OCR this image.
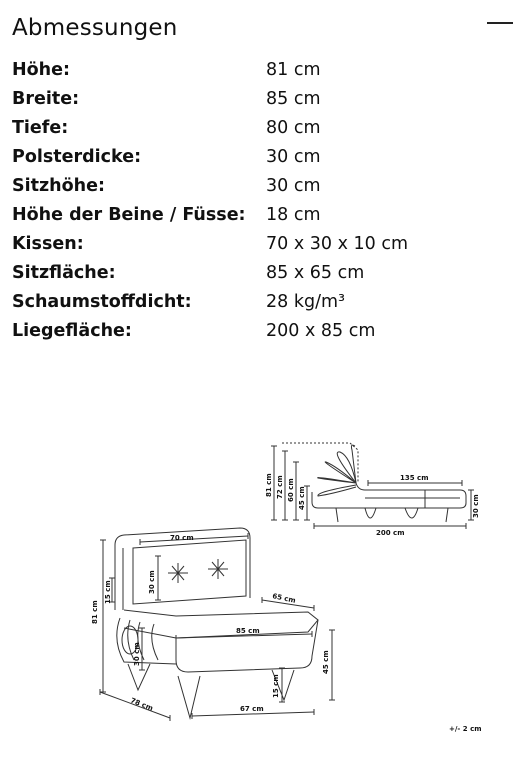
Abmessungen
Höhe:	81 cm
Breite:	85 cm
Tiefe:	80 cm
Polsterdicke:	30 cm
Sitzhöhe:	30 cm
Höhe der Beine / Füsse: 18 cm
Kissen:	70 x 30 x 10 cm
Sitzfläche:	85 x 65 cm
Schaumstoffdicht:	28 kg/m³
Liegefläche:	200 x 85 cm
81 cm 72 cm 60 cm 45 cm
135 cm
30 cm
200 cm
70 cm
30 cm
15 cm
81 cm
65 cm
85 cm
30 cm	45 cm
15 cm
78 cm	67 cm
+/- 2 cm
